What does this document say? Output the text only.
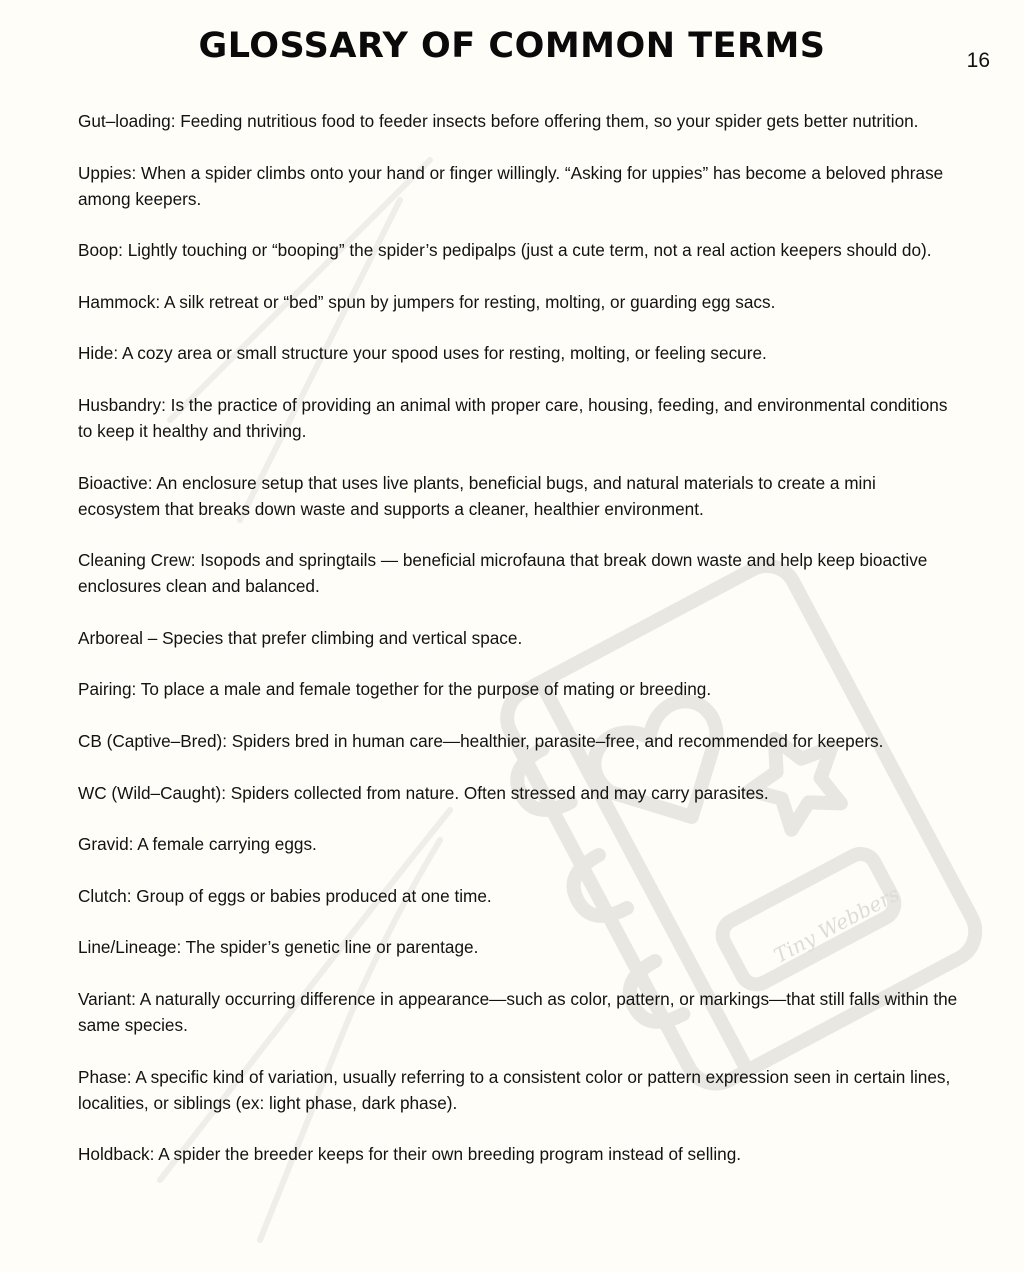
Tiny Webbers
GLOSSARY OF COMMON TERMS	16
Gut–loading: Feeding nutritious food to feeder insects before offering them, so your spider gets better nutrition.
Uppies: When a spider climbs onto your hand or finger willingly. “Asking for uppies” has become a beloved phrase among keepers.
Boop: Lightly touching or “booping” the spider’s pedipalps (just a cute term, not a real action keepers should do).
Hammock: A silk retreat or “bed” spun by jumpers for resting, molting, or guarding egg sacs.
Hide: A cozy area or small structure your spood uses for resting, molting, or feeling secure.
Husbandry: Is the practice of providing an animal with proper care, housing, feeding, and environmental conditions to keep it healthy and thriving.
Bioactive: An enclosure setup that uses live plants, beneficial bugs, and natural materials to create a mini ecosystem that breaks down waste and supports a cleaner, healthier environment.
Cleaning Crew: Isopods and springtails — beneficial microfauna that break down waste and help keep bioactive enclosures clean and balanced.
Arboreal – Species that prefer climbing and vertical space.
Pairing: To place a male and female together for the purpose of mating or breeding.
CB (Captive–Bred): Spiders bred in human care—healthier, parasite–free, and recommended for keepers.
WC (Wild–Caught): Spiders collected from nature. Often stressed and may carry parasites.
Gravid: A female carrying eggs.
Clutch: Group of eggs or babies produced at one time.
Line/Lineage: The spider’s genetic line or parentage.
Variant: A naturally occurring difference in appearance—such as color, pattern, or markings—that still falls within the same species.
Phase: A specific kind of variation, usually referring to a consistent color or pattern expression seen in certain lines, localities, or siblings (ex: light phase, dark phase).
Holdback: A spider the breeder keeps for their own breeding program instead of selling.
